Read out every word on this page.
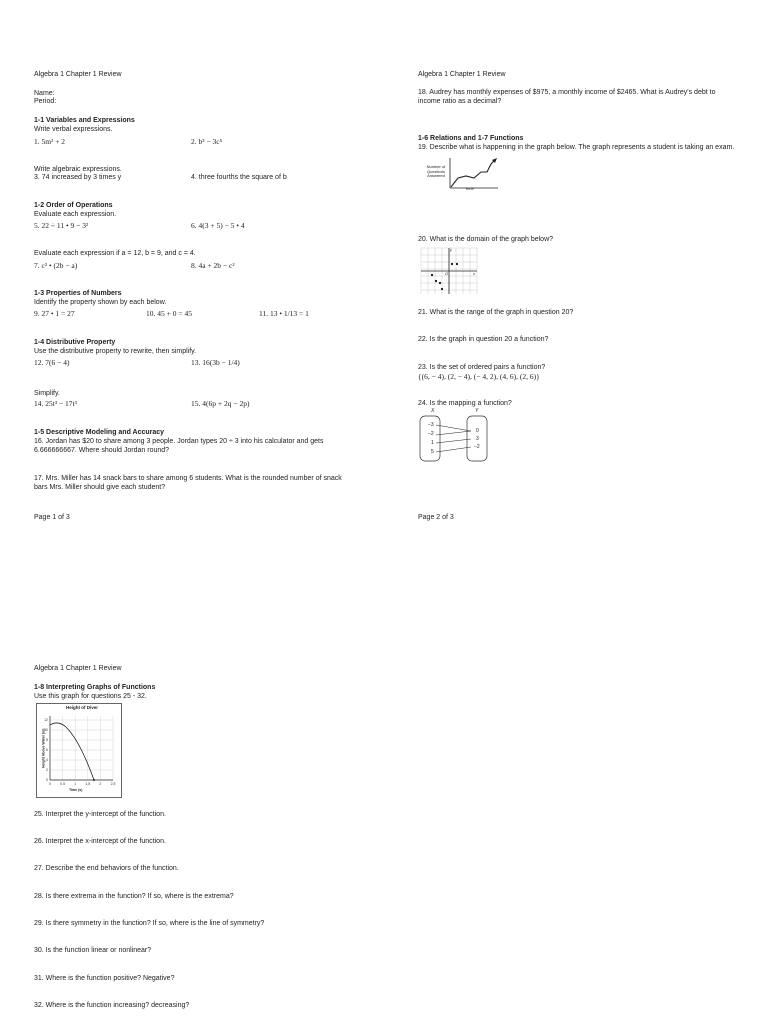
Algebra 1 Chapter 1 Review
Name:
Period:
1-1 Variables and Expressions
Write verbal expressions.
1. 5m² + 2	2. b³ − 3c⁵
Write algebraic expressions.
3. 74 increased by 3 times y	4. three fourths the square of b
1-2 Order of Operations
Evaluate each expression.
5. 22 ÷ 11 • 9 − 3²	6. 4(3 + 5) − 5 • 4
Evaluate each expression if a = 12, b = 9, and c = 4.
7. c² • (2b − a)	8. 4a + 2b − c²
1-3 Properties of Numbers
Identify the property shown by each below.
9. 27 • 1 = 27	10. 45 + 0 = 45	11. 13 • 1/13 = 1
1-4 Distributive Property
Use the distributive property to rewrite, then simplify.
12. 7(6 − 4)	13. 16(3b − 1/4)
Simplify.
14. 25t³ − 17t³	15. 4(6p + 2q − 2p)
1-5 Descriptive Modeling and Accuracy
16. Jordan has $20 to share among 3 people. Jordan types 20 ÷ 3 into his calculator and gets 6.666666667. Where should Jordan round?
17. Mrs. Miller has 14 snack bars to share among 6 students. What is the rounded number of snack bars Mrs. Miller should give each student?
Page 1 of 3
Algebra 1 Chapter 1 Review
18. Audrey has monthly expenses of $975, a monthly income of $2465. What is Audrey's debt to income ratio as a decimal?
1-6 Relations and 1-7 Functions
19. Describe what is happening in the graph below. The graph represents a student is taking an exam.
Number of Questions Answered
Time
20. What is the domain of the graph below?
y
x
O
21. What is the range of the graph in question 20?
22. Is the graph in question 20 a function?
23. Is the set of ordered pairs a function?
{(6, − 4), (2, − 4), (− 4, 2), (4, 6), (2, 6)}
24. Is the mapping a function?
X	Y
−3
−2
1
5
0
3
−2
Page 2 of 3
Algebra 1 Chapter 1 Review
1-8 Interpreting Graphs of Functions
Use this graph for questions 25 - 32.
Height of Diver
Height Above Water (m)
0	0.5	1	1.5	2	2.5
0
2
4
6
8
10
12
Time (s)
25. Interpret the y-intercept of the function.
26. Interpret the x-intercept of the function.
27. Describe the end behaviors of the function.
28. Is there extrema in the function? If so, where is the extrema?
29. Is there symmetry in the function? If so, where is the line of symmetry?
30. Is the function linear or nonlinear?
31. Where is the function positive? Negative?
32. Where is the function increasing? decreasing?
